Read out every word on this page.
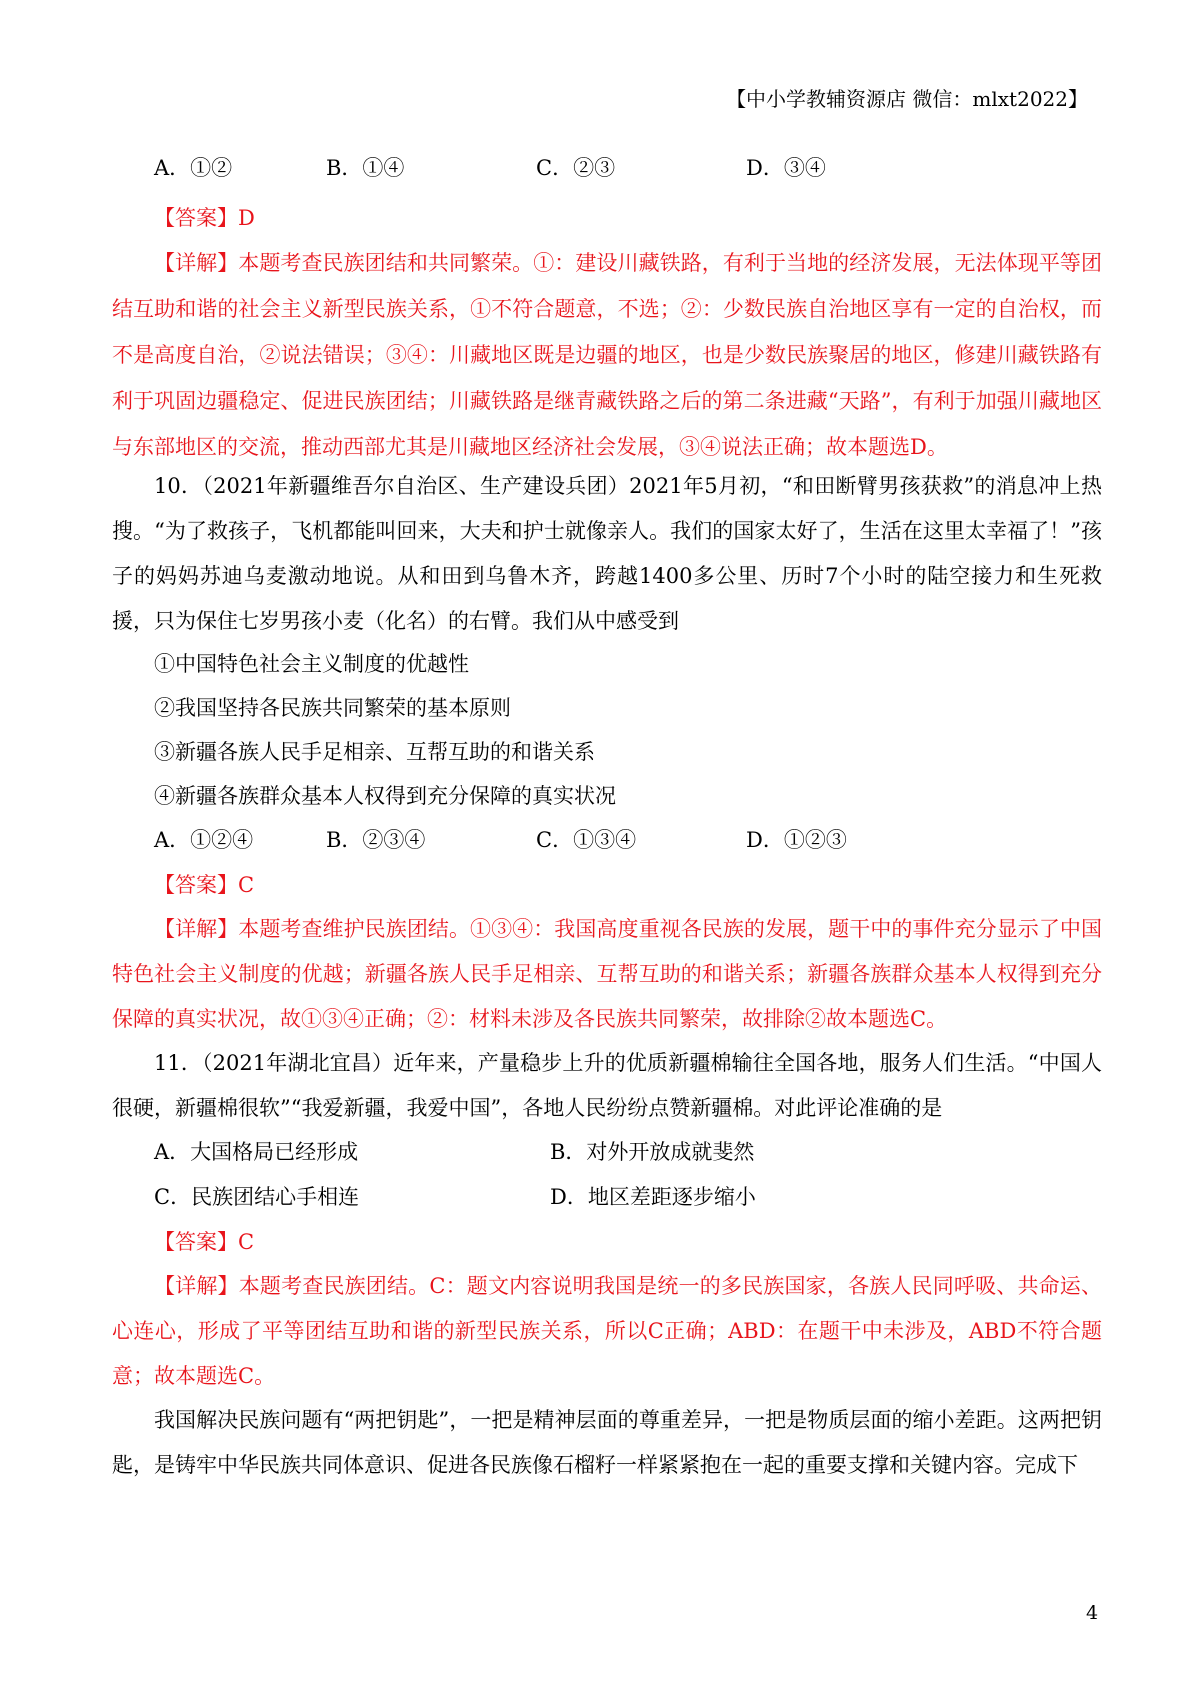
【中小学教辅资源店 微信：mlxt2022】
A．①②	B．①④	C．②③	D．③④
【答案】D
【详解】本题考查民族团结和共同繁荣。①：建设川藏铁路，有利于当地的经济发展，无法体现平等团结互助和谐的社会主义新型民族关系，①不符合题意，不选；②：少数民族自治地区享有一定的自治权，而不是高度自治，②说法错误；③④：川藏地区既是边疆的地区，也是少数民族聚居的地区，修建川藏铁路有利于巩固边疆稳定、促进民族团结；川藏铁路是继青藏铁路之后的第二条进藏“天路”，有利于加强川藏地区与东部地区的交流，推动西部尤其是川藏地区经济社会发展，③④说法正确；故本题选D。
10．（2021年新疆维吾尔自治区、生产建设兵团）2021年5月初，“和田断臂男孩获救”的消息冲上热搜。“为了救孩子，飞机都能叫回来，大夫和护士就像亲人。我们的国家太好了，生活在这里太幸福了！”孩子的妈妈苏迪乌麦激动地说。从和田到乌鲁木齐，跨越1400多公里、历时7个小时的陆空接力和生死救援，只为保住七岁男孩小麦（化名）的右臂。我们从中感受到
①中国特色社会主义制度的优越性
②我国坚持各民族共同繁荣的基本原则
③新疆各族人民手足相亲、互帮互助的和谐关系
④新疆各族群众基本人权得到充分保障的真实状况
A．①②④	B．②③④	C．①③④	D．①②③
【答案】C
【详解】本题考查维护民族团结。①③④：我国高度重视各民族的发展，题干中的事件充分显示了中国特色社会主义制度的优越；新疆各族人民手足相亲、互帮互助的和谐关系；新疆各族群众基本人权得到充分保障的真实状况，故①③④正确；②：材料未涉及各民族共同繁荣，故排除②故本题选C。
11．（2021年湖北宜昌）近年来，产量稳步上升的优质新疆棉输往全国各地，服务人们生活。“中国人很硬，新疆棉很软”“我爱新疆，我爱中国”，各地人民纷纷点赞新疆棉。对此评论准确的是
A．大国格局已经形成	B．对外开放成就斐然
C．民族团结心手相连	D．地区差距逐步缩小
【答案】C
【详解】本题考查民族团结。C：题文内容说明我国是统一的多民族国家，各族人民同呼吸、共命运、心连心，形成了平等团结互助和谐的新型民族关系，所以C正确；ABD：在题干中未涉及，ABD不符合题意；故本题选C。
我国解决民族问题有“两把钥匙”，一把是精神层面的尊重差异，一把是物质层面的缩小差距。这两把钥匙，是铸牢中华民族共同体意识、促进各民族像石榴籽一样紧紧抱在一起的重要支撑和关键内容。完成下
4
